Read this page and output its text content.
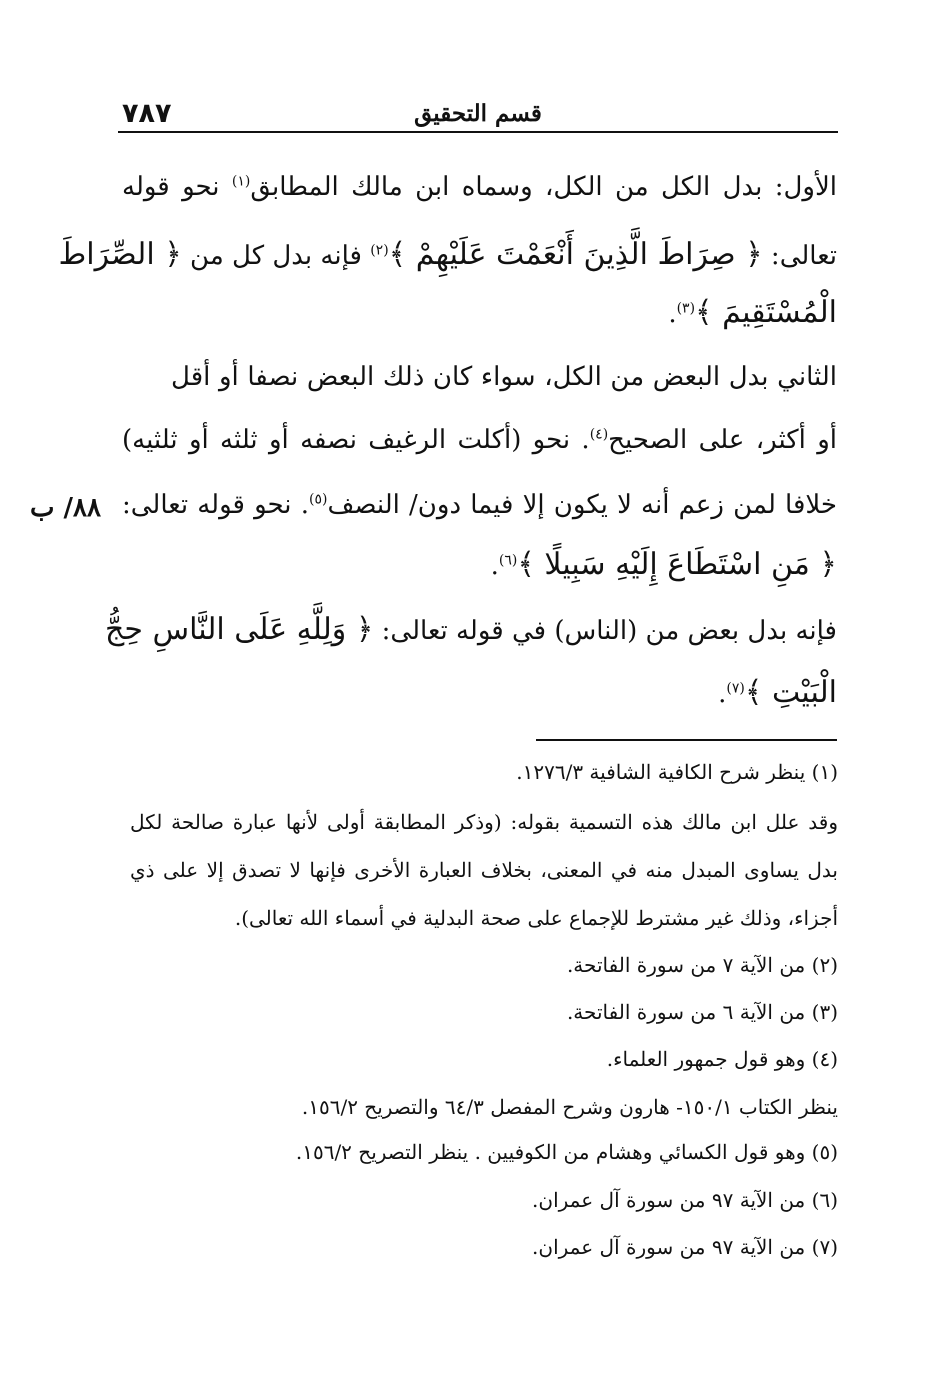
٧٨٧	قسم التحقيق
٨٨/ ب
الأول: بدل الكل من الكل، وسماه ابن مالك المطابق$^{(١)}$ نحو قوله
تعالى: ﴿ صِرَاطَ الَّذِينَ أَنْعَمْتَ عَلَيْهِمْ ﴾$^{(٢)}$ فإنه بدل كل من ﴿ الصِّرَاطَ
الْمُسْتَقِيمَ ﴾$^{(٣)}$.
الثاني بدل البعض من الكل، سواء كان ذلك البعض نصفا أو أقل
أو أكثر، على الصحيح$^{(٤)}$. نحو (أكلت الرغيف نصفه أو ثلثه أو ثلثيه)
خلافا لمن زعم أنه لا يكون إلا فيما دون/ النصف$^{(٥)}$. نحو قوله تعالى:
﴿ مَنِ اسْتَطَاعَ إِلَيْهِ سَبِيلًا ﴾$^{(٦)}$.
فإنه بدل بعض من (الناس) في قوله تعالى: ﴿ وَلِلَّهِ عَلَى النَّاسِ حِجُّ
الْبَيْتِ ﴾$^{(٧)}$.
(١) ينظر شرح الكافية الشافية ١٢٧٦/٣.
وقد علل ابن مالك هذه التسمية بقوله: (وذكر المطابقة أولى لأنها عبارة صالحة لكل
بدل يساوى المبدل منه في المعنى، بخلاف العبارة الأخرى فإنها لا تصدق إلا على ذي
أجزاء، وذلك غير مشترط للإجماع على صحة البدلية في أسماء الله تعالى).
(٢) من الآية ٧ من سورة الفاتحة.
(٣) من الآية ٦ من سورة الفاتحة.
(٤) وهو قول جمهور العلماء.
ينظر الكتاب ١٥٠/١- هارون وشرح المفصل ٦٤/٣ والتصريح ١٥٦/٢.
(٥) وهو قول الكسائي وهشام من الكوفيين . ينظر التصريح ١٥٦/٢.
(٦) من الآية ٩٧ من سورة آل عمران.
(٧) من الآية ٩٧ من سورة آل عمران.
